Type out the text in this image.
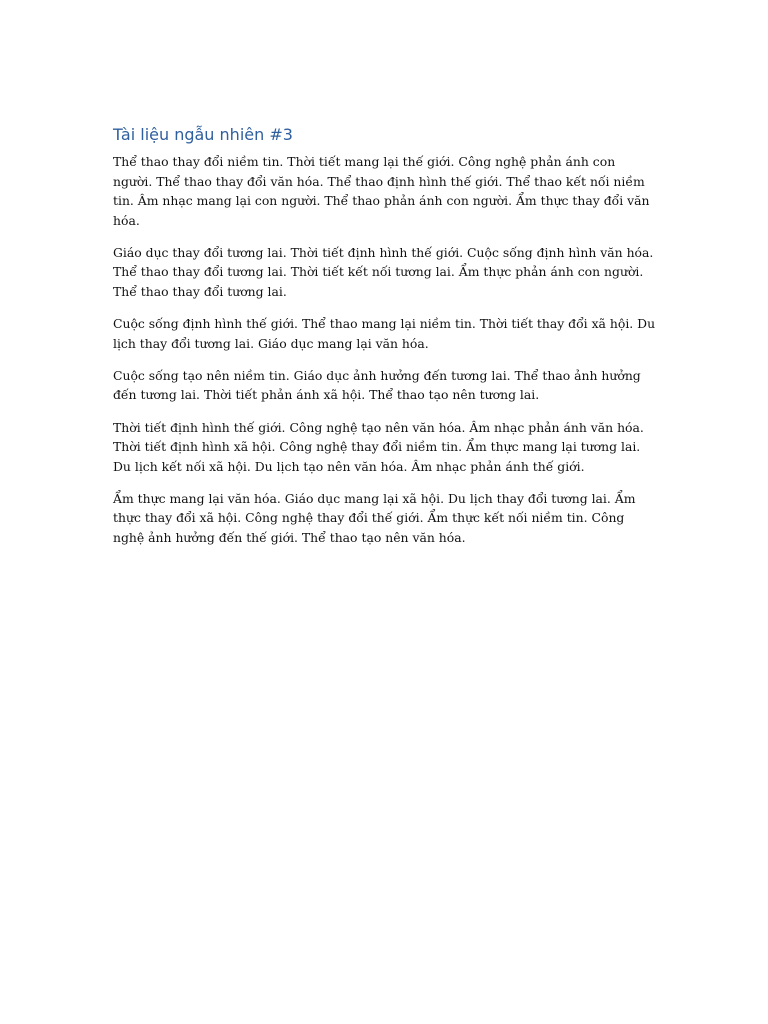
Tài liệu ngẫu nhiên #3

Thể thao thay đổi niềm tin. Thời tiết mang lại thế giới. Công nghệ phản ánh con người. Thể thao thay đổi văn hóa. Thể thao định hình thế giới. Thể thao kết nối niềm tin. Âm nhạc mang lại con người. Thể thao phản ánh con người. Ẩm thực thay đổi văn hóa.

Giáo dục thay đổi tương lai. Thời tiết định hình thế giới. Cuộc sống định hình văn hóa. Thể thao thay đổi tương lai. Thời tiết kết nối tương lai. Ẩm thực phản ánh con người. Thể thao thay đổi tương lai.

Cuộc sống định hình thế giới. Thể thao mang lại niềm tin. Thời tiết thay đổi xã hội. Du lịch thay đổi tương lai. Giáo dục mang lại văn hóa.

Cuộc sống tạo nên niềm tin. Giáo dục ảnh hưởng đến tương lai. Thể thao ảnh hưởng đến tương lai. Thời tiết phản ánh xã hội. Thể thao tạo nên tương lai.

Thời tiết định hình thế giới. Công nghệ tạo nên văn hóa. Âm nhạc phản ánh văn hóa. Thời tiết định hình xã hội. Công nghệ thay đổi niềm tin. Ẩm thực mang lại tương lai. Du lịch kết nối xã hội. Du lịch tạo nên văn hóa. Âm nhạc phản ánh thế giới.

Ẩm thực mang lại văn hóa. Giáo dục mang lại xã hội. Du lịch thay đổi tương lai. Ẩm thực thay đổi xã hội. Công nghệ thay đổi thế giới. Ẩm thực kết nối niềm tin. Công nghệ ảnh hưởng đến thế giới. Thể thao tạo nên văn hóa.
